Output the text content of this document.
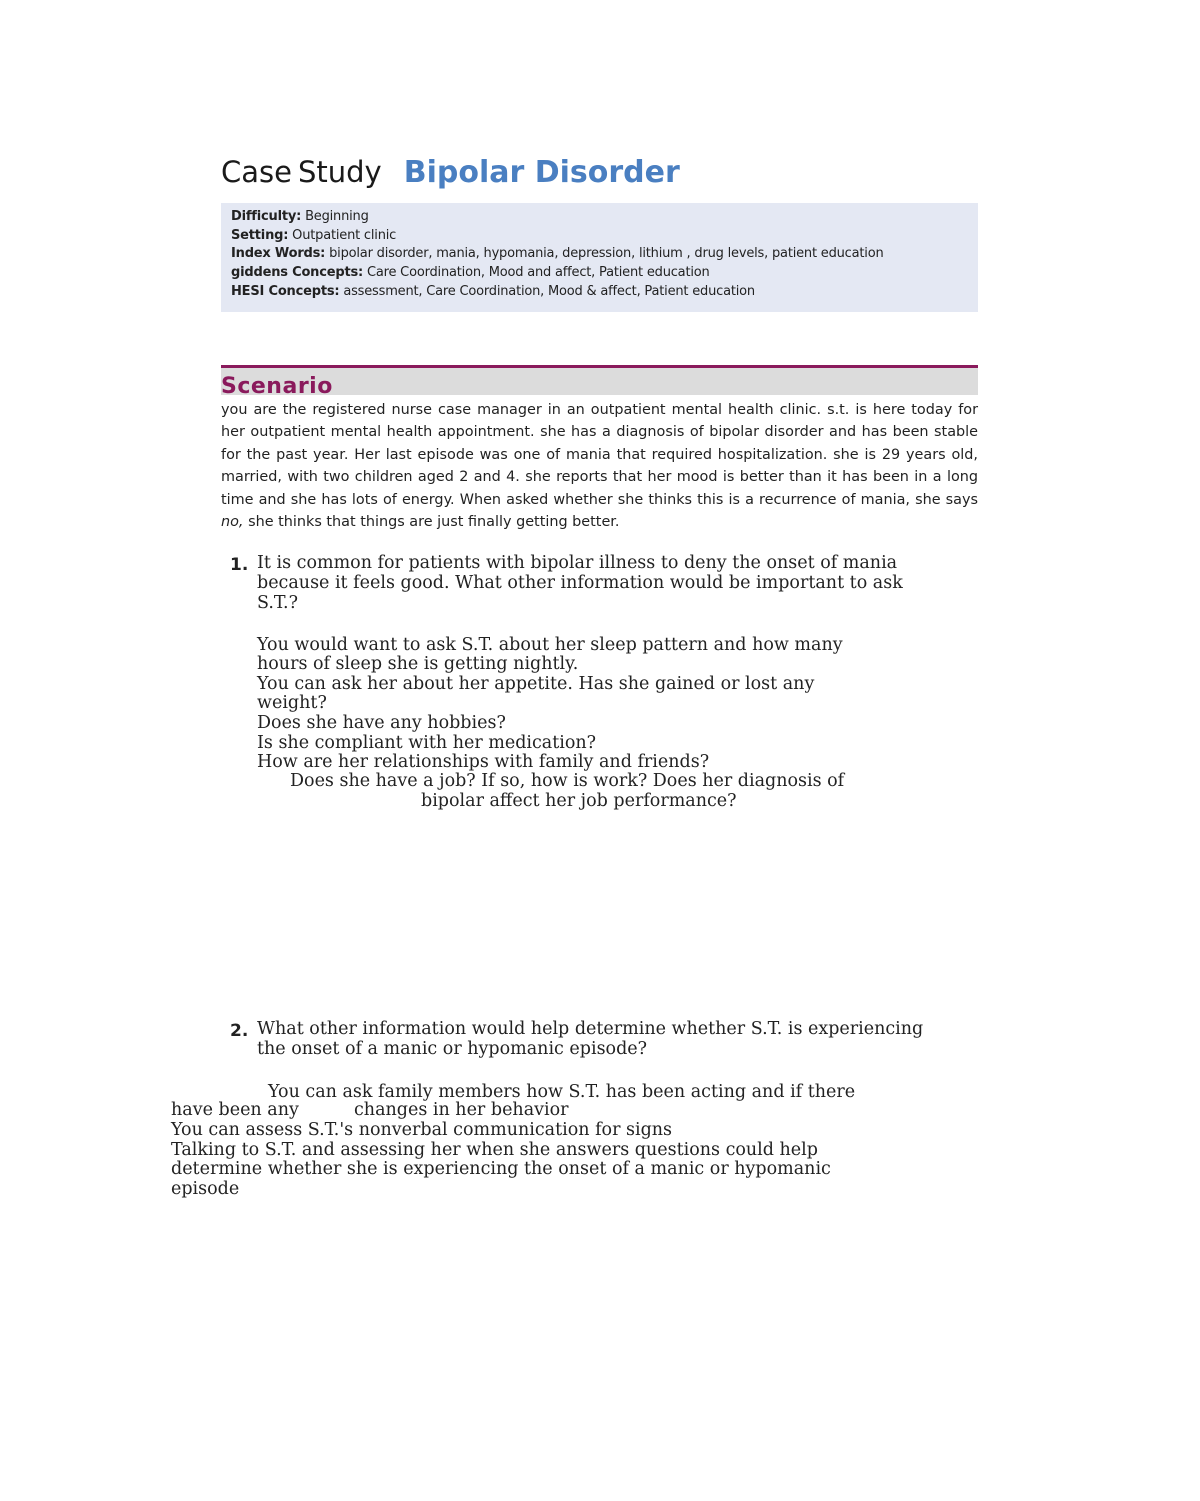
Case Study Bipolar Disorder
Difficulty: Beginning
Setting: Outpatient clinic
Index Words: bipolar disorder, mania, hypomania, depression, lithium , drug levels, patient education
giddens Concepts: Care Coordination, Mood and affect, Patient education
HESI Concepts: assessment, Care Coordination, Mood & affect, Patient education
Scenario
you are the registered nurse case manager in an outpatient mental health clinic. s.t. is here today for her outpatient mental health appointment. she has a diagnosis of bipolar disorder and has been stable for the past year. Her last episode was one of mania that required hospitalization. she is 29 years old, married, with two children aged 2 and 4. she reports that her mood is better than it has been in a long time and she has lots of energy. When asked whether she thinks this is a recurrence of mania, she says no, she thinks that things are just finally getting better.
1. It is common for patients with bipolar illness to deny the onset of mania
because it feels good. What other information would be important to ask
S.T.?
You would want to ask S.T. about her sleep pattern and how many
hours of sleep she is getting nightly.
You can ask her about her appetite. Has she gained or lost any
weight?
Does she have any hobbies?
Is she compliant with her medication?
How are her relationships with family and friends?
Does she have a job? If so, how is work? Does her diagnosis of
bipolar affect her job performance?
2. What other information would help determine whether S.T. is experiencing
the onset of a manic or hypomanic episode?
You can ask family members how S.T. has been acting and if there
have been any	changes in her behavior
You can assess S.T.'s nonverbal communication for signs
Talking to S.T. and assessing her when she answers questions could help
determine whether she is experiencing the onset of a manic or hypomanic
episode
